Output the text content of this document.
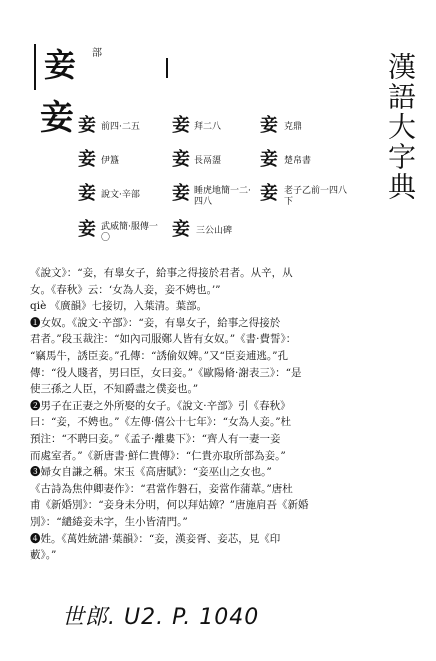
妾
妾
部	漢語大字典
妾 前四·二五 妾 拜二八 妾 克鼎
妾 伊簋	妾 長鬲盨 妾 楚帛書
妾 說文·辛部 妾 睡虎地簡一二·四八	妾 老子乙前一四八下
妾 武威簡·服傳一〇	妾 三公山碑

《說文》：“妾，有辠女子，給事之得接於君者。从䇂，从

女。《春秋》云：‘女為人妾，妾不娉也。’”

qiè 《廣韻》七接切，入葉清。葉部。

❶女奴。《說文·䇂部》：“妾，有辠女子，給事之得接於

君者。”段玉裁注：“如內司服鄭人皆有女奴。”《書·費誓》：

“竊馬牛，誘臣妾。”孔傳：“誘偷奴婢。”又“臣妾逋逃。”孔

傳：“役人賤者，男曰臣，女曰妾。”《歐陽脩·謝表三》：“是

使三孫之人臣，不知爵盡之僕妾也。”

❷男子在正妻之外所娶的女子。《說文·䇂部》引《春秋》

曰：“妾，不娉也。”《左傳·僖公十七年》：“女為人妾。”杜

預注：“不聘曰妾。”《孟子·離婁下》：“齊人有一妻一妾

而處室者。”《新唐書·鮮仁貴傳》：“仁貴亦取所部為妾。”

❸婦女自謙之稱。宋玉《高唐賦》：“妾巫山之女也。”

《古詩為焦仲卿妻作》：“君當作磐石，妾當作蒲葦。”唐杜

甫《新婚別》：“妾身未分明，何以拜姑嫜？”唐施肩吾《新婚

別》：“繾綣妾未字，生小皆清門。”

❹姓。《萬姓統譜·葉韻》：“妾，漢妾胥、妾芯，見《印

藪》。”

世郎. U2. P. 1040
